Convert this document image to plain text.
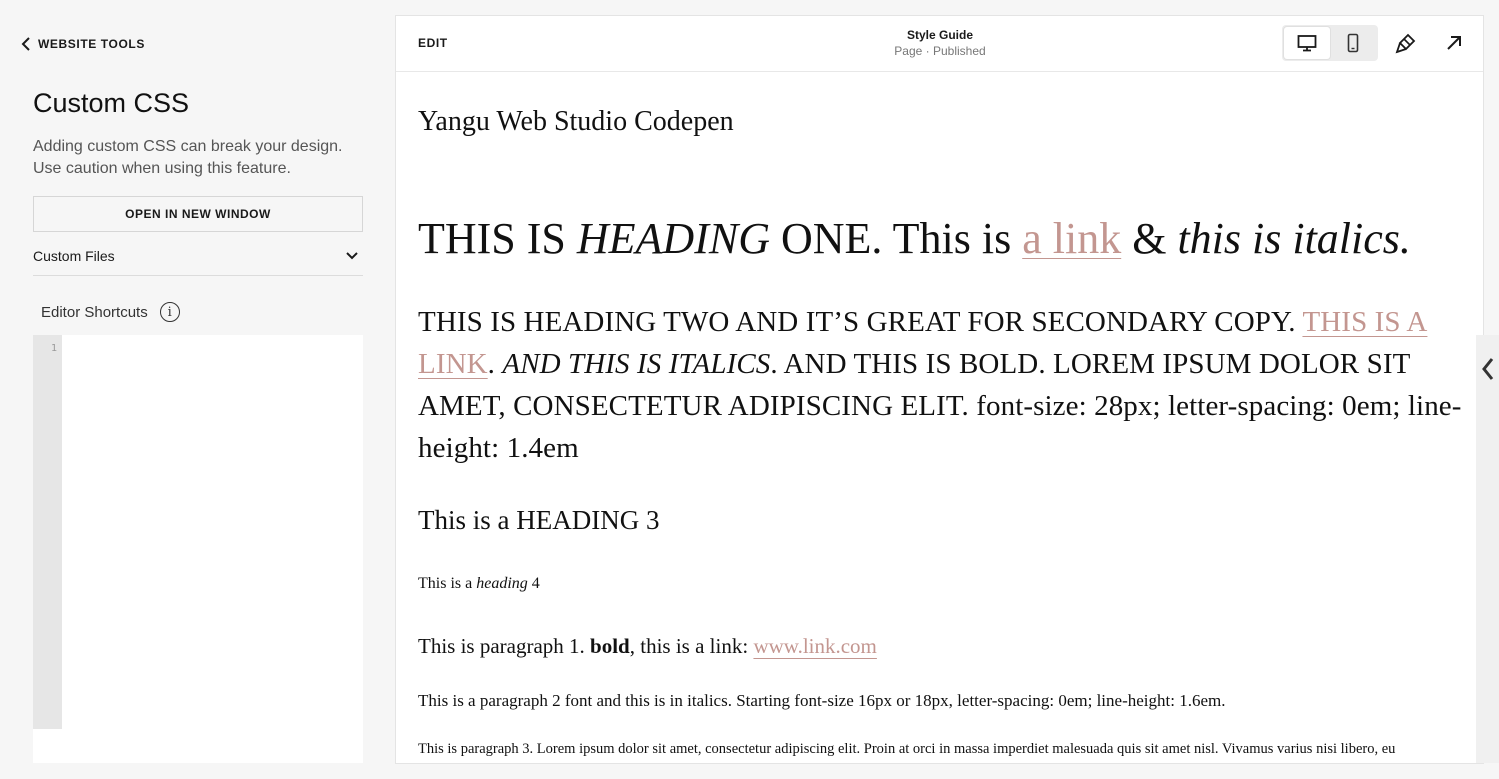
WEBSITE TOOLS
Custom CSS

Adding custom CSS can break your design. Use caution when using this feature.

OPEN IN NEW WINDOW
Custom Files
Editor Shortcuts	i
1
EDIT
Style Guide
Page · Published
Yangu Web Studio Codepen
THIS IS HEADING ONE. This is a link & this is italics.
THIS IS HEADING TWO AND IT’S GREAT FOR SECONDARY COPY. THIS IS A LINK. AND THIS IS ITALICS. AND THIS IS BOLD. LOREM IPSUM DOLOR SIT AMET, CONSECTETUR ADIPISCING ELIT. font-size: 28px; letter-spacing: 0em; line-height: 1.4em
This is a HEADING 3
This is a heading 4

This is paragraph 1. bold, this is a link: www.link.com

This is a paragraph 2 font and this is in italics. Starting font-size 16px or 18px, letter-spacing: 0em; line-height: 1.6em.

This is paragraph 3. Lorem ipsum dolor sit amet, consectetur adipiscing elit. Proin at orci in massa imperdiet malesuada quis sit amet nisl. Vivamus varius nisi libero, eu
